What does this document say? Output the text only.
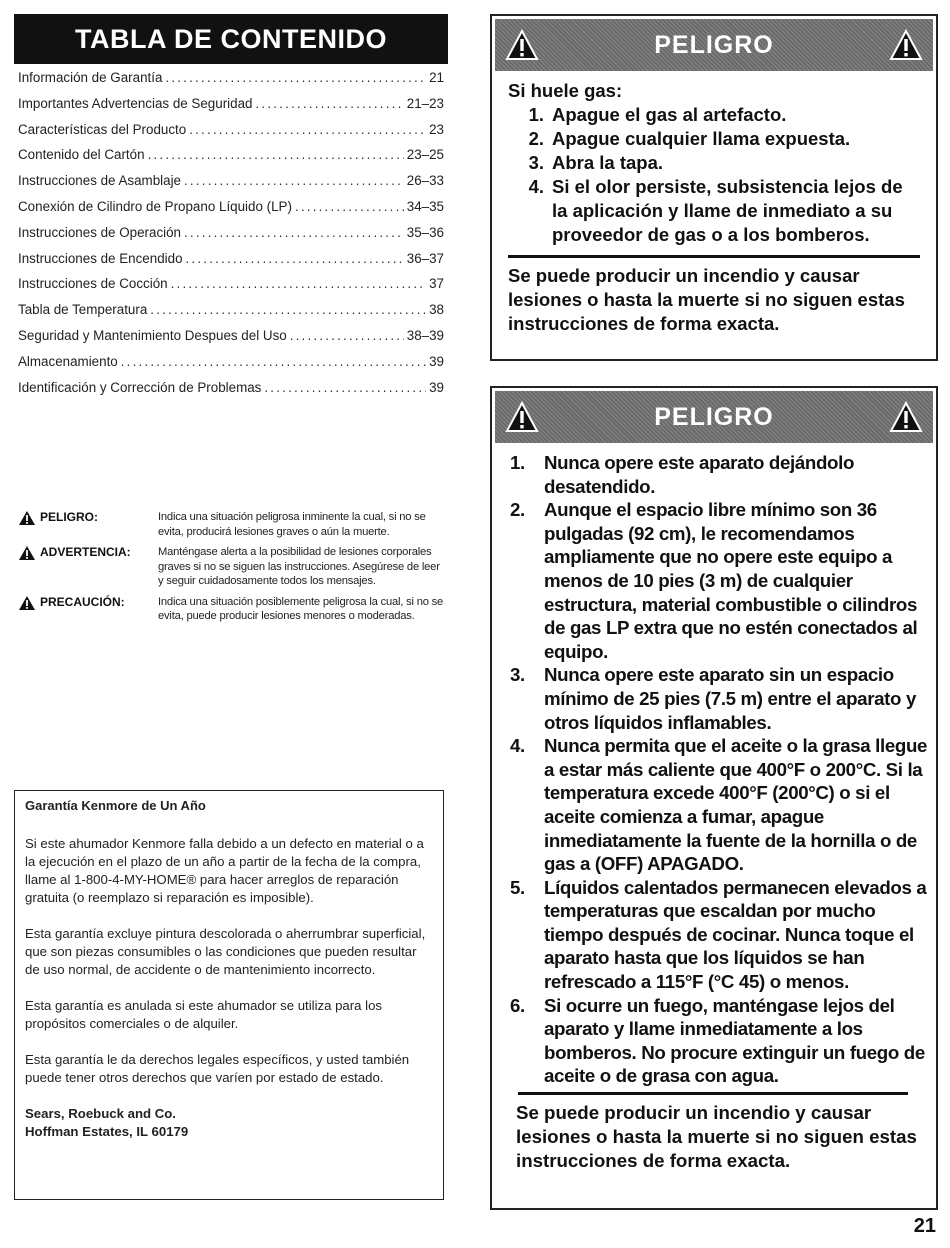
TABLA DE CONTENIDO
Información de Garantía .....	21
Importantes Advertencias de Seguridad .....	21–23
Características del Producto .....	23
Contenido del Cartón .....	23–25
Instrucciones de Asamblaje .....	26–33
Conexión de Cilindro de Propano Líquido (LP) .....	34–35
Instrucciones de Operación .....	35–36
Instrucciones de Encendido .....	36–37
Instrucciones de Cocción .....	37
Tabla de Temperatura .....	38
Seguridad y Mantenimiento Despues del Uso .....	38–39
Almacenamiento .....	39
Identificación y Corrección de Problemas .....	39
PELIGRO:	Indica una situación peligrosa inminente la cual, si no se evita, producirá lesiones graves o aún la muerte.
ADVERTENCIA: Manténgase alerta a la posibilidad de lesiones corporales graves si no se siguen las instrucciones. Asegúrese de leer y seguir cuidadosamente todos los mensajes.
PRECAUCIÓN:	Indica una situación posiblemente peligrosa la cual, si no se evita, puede producir lesiones menores o moderadas.
Garantía Kenmore de Un Año

Si este ahumador Kenmore falla debido a un defecto en material o a la ejecución en el plazo de un año a partir de la fecha de la compra, llame al 1-800-4-MY-HOME® para hacer arreglos de reparación gratuita (o reemplazo si reparación es imposible).

Esta garantía excluye pintura descolorada o aherrumbrar superficial, que son piezas consumibles o las condiciones que pueden resultar de uso normal, de accidente o de mantenimiento incorrecto.

Esta garantía es anulada si este ahumador se utiliza para los propósitos comerciales o de alquiler.

Esta garantía le da derechos legales específicos, y usted también puede tener otros derechos que varíen por estado de estado.

Sears, Roebuck and Co.
Hoffman Estates, IL 60179
PELIGRO
Si huele gas:
1. Apague el gas al artefacto.
2. Apague cualquier llama expuesta.
3. Abra la tapa.
4. Si el olor persiste, subsistencia lejos de la aplicación y llame de inmediato a su proveedor de gas o a los bomberos.
Se puede producir un incendio y causar lesiones o hasta la muerte si no siguen estas instrucciones de forma exacta.
PELIGRO
1.	Nunca opere este aparato dejándolo desatendido.
2.	Aunque el espacio libre mínimo son 36 pulgadas (92 cm), le recomendamos ampliamente que no opere este equipo a menos de 10 pies (3 m) de cualquier estructura, material combustible o cilindros de gas LP extra que no estén conectados al equipo.
3.	Nunca opere este aparato sin un espacio mínimo de 25 pies (7.5 m) entre el aparato y otros líquidos inflamables.
4.	Nunca permita que el aceite o la grasa llegue a estar más caliente que 400°F o 200°C. Si la temperatura excede 400°F (200°C) o si el aceite comienza a fumar, apague inmediatamente la fuente de la hornilla o de gas a (OFF) APAGADO.
5.	Líquidos calentados permanecen elevados a temperaturas que escaldan por mucho tiempo después de cocinar. Nunca toque el aparato hasta que los líquidos se han refrescado a 115°F (°C 45) o menos.
6.	Si ocurre un fuego, manténgase lejos del aparato y llame inmediatamente a los bomberos. No procure extinguir un fuego de aceite o de grasa con agua.
Se puede producir un incendio y causar lesiones o hasta la muerte si no siguen estas instrucciones de forma exacta.
21
